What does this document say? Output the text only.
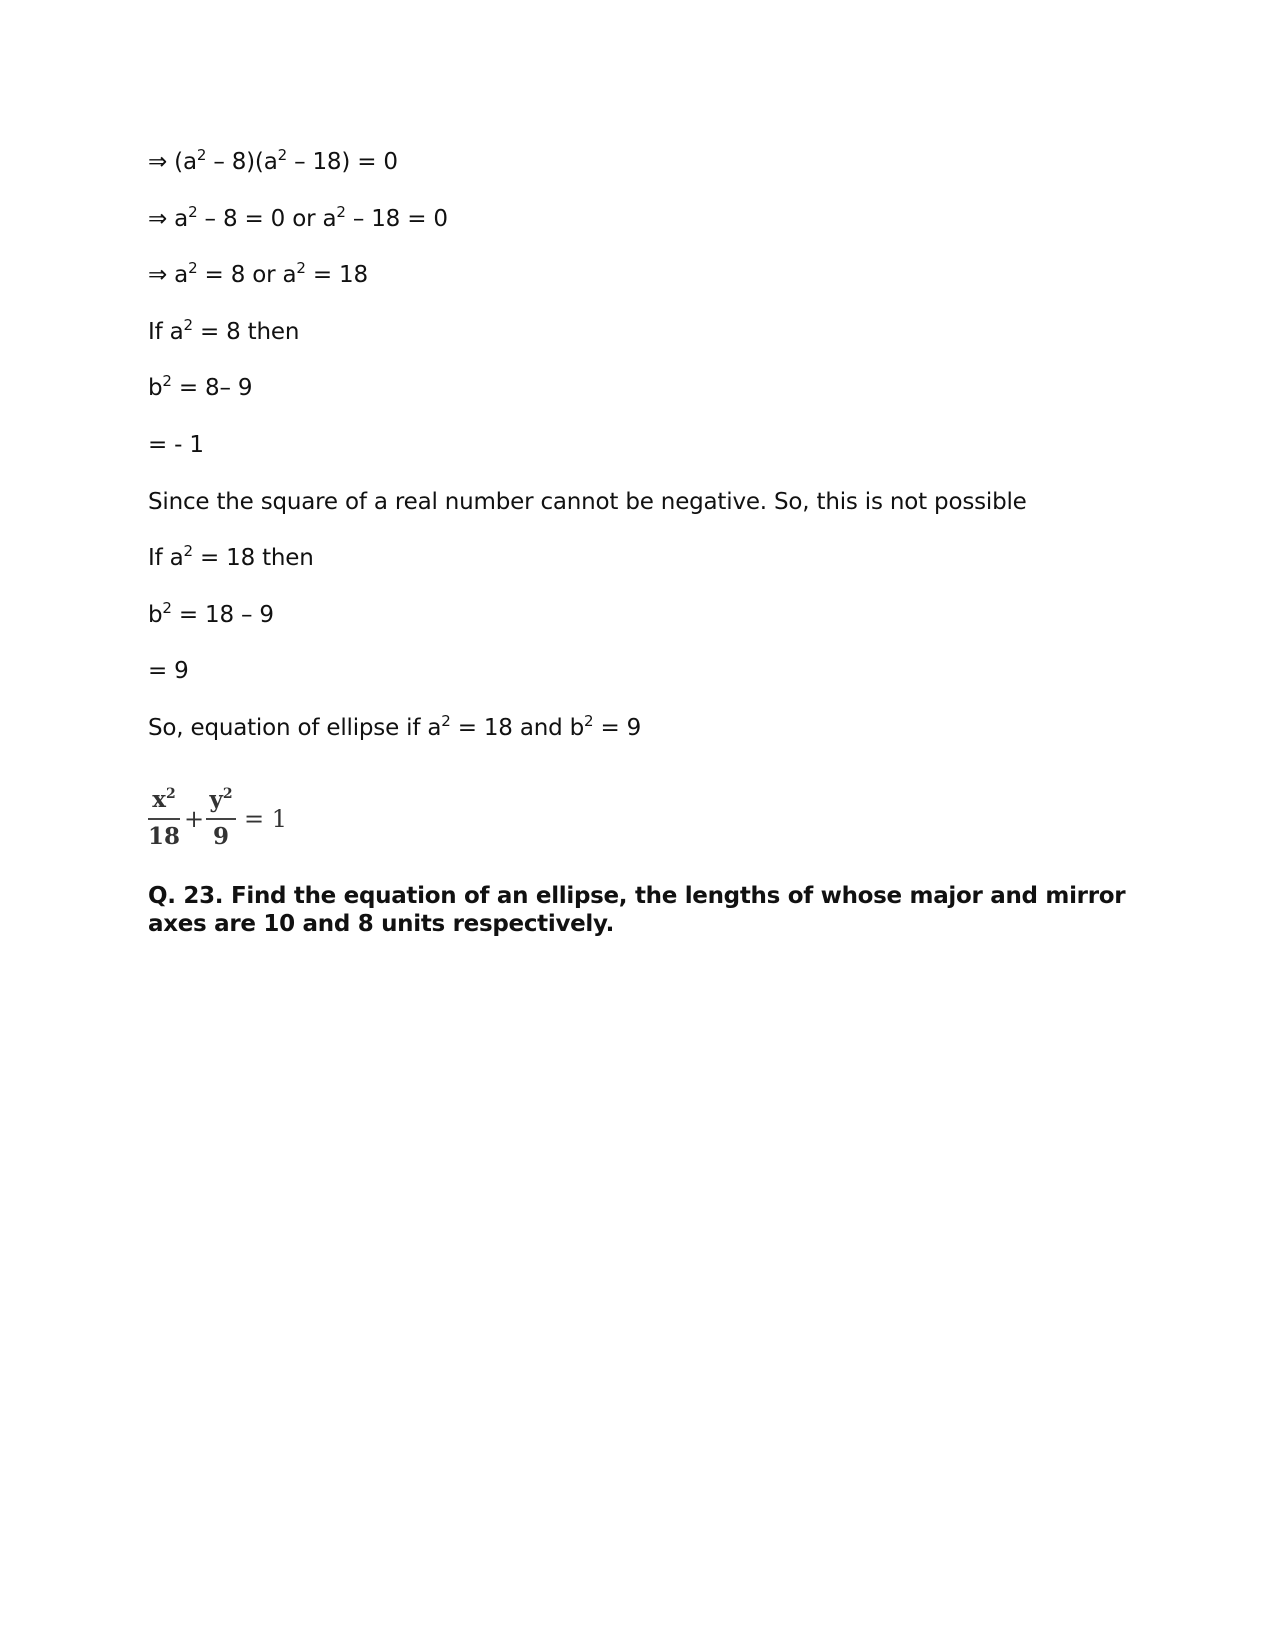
⇒ $(a^2 - 8)(a^2 - 18) = 0$
⇒ $a^2 - 8 = 0$ or $a^2 - 18 = 0$
⇒ $a^2 = 8$ or $a^2 = 18$
If $a^2 = 8$ then
$b^2 = 8-$ 9
= - 1
Since the square of a real number cannot be negative. So, this is not possible
If $a^2 = 18$ then
$b^2 = 18 - 9$
= 9
So, equation of ellipse if $a^2 = 18$ and $b^2 = 9$
$x^2$
18
+
$y^2$
9
= 1
Q. 23. Find the equation of an ellipse, the lengths of whose major and mirror axes are 10 and 8 units respectively.
